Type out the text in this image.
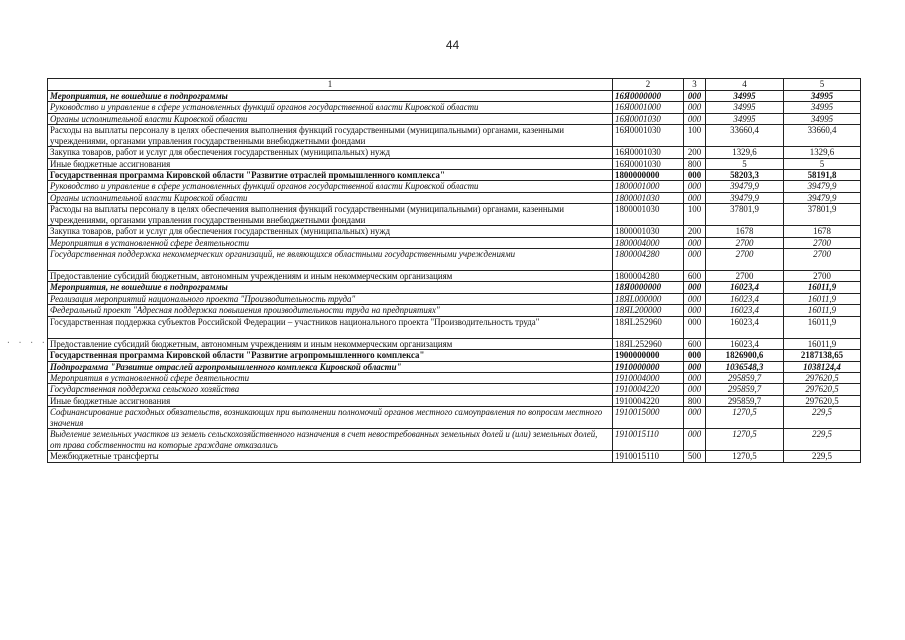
44
. . . . . .
1	2	3	4	5
Мероприятия, не вошедшие в подпрограммы	16Я0000000	000	34995	34995
Руководство и управление в сфере установленных функций органов государственной власти Кировской области	16Я0001000	000	34995	34995
Органы исполнительной власти Кировской области	16Я0001030	000	34995	34995
Расходы на выплаты персоналу в целях обеспечения выполнения функций государственными (муниципальными) органами, казенными учреждениями, органами управления государственными внебюджетными фондами	16Я0001030	100	33660,4	33660,4
Закупка товаров, работ и услуг для обеспечения государственных (муниципальных) нужд	16Я0001030	200	1329,6	1329,6
Иные бюджетные ассигнования	16Я0001030	800	5	5
Государственная программа Кировской области "Развитие отраслей промышленного комплекса"	1800000000	000	58203,3	58191,8
Руководство и управление в сфере установленных функций органов государственной власти Кировской области	1800001000	000	39479,9	39479,9
Органы исполнительной власти Кировской области	1800001030	000	39479,9	39479,9
Расходы на выплаты персоналу в целях обеспечения выполнения функций государственными (муниципальными) органами, казенными учреждениями, органами управления государственными внебюджетными фондами	1800001030	100	37801,9	37801,9
Закупка товаров, работ и услуг для обеспечения государственных (муниципальных) нужд	1800001030	200	1678	1678
Мероприятия в установленной сфере деятельности	1800004000	000	2700	2700
Государственная поддержка некоммерческих организаций, не являющихся областными государственными учреждениями	1800004280	000	2700	2700
Предоставление субсидий бюджетным, автономным учреждениям и иным некоммерческим организациям	1800004280	600	2700	2700
Мероприятия, не вошедшие в подпрограммы	18Я0000000	000	16023,4	16011,9
Реализация мероприятий национального проекта "Производительность труда"	18ЯL000000	000	16023,4	16011,9
Федеральный проект "Адресная поддержка повышения производительности труда на предприятиях"	18ЯL200000	000	16023,4	16011,9
Государственная поддержка субъектов Российской Федерации – участников национального проекта "Производительность труда"	18ЯL252960	000	16023,4	16011,9
Предоставление субсидий бюджетным, автономным учреждениям и иным некоммерческим организациям	18ЯL252960	600	16023,4	16011,9
Государственная программа Кировской области "Развитие агропромышленного комплекса"	1900000000	000	1826900,6	2187138,65
Подпрограмма "Развитие отраслей агропромышленного комплекса Кировской области"	1910000000	000	1036548,3	1038124,4
Мероприятия в установленной сфере деятельности	1910004000	000	295859,7	297620,5
Государственная поддержка сельского хозяйства	1910004220	000	295859,7	297620,5
Иные бюджетные ассигнования	1910004220	800	295859,7	297620,5
Софинансирование расходных обязательств, возникающих при выполнении полномочий органов местного самоуправления по вопросам местного значения	1910015000	000	1270,5	229,5
Выделение земельных участков из земель сельскохозяйственного назначения в счет невостребованных земельных долей и (или) земельных долей, от права собственности на которые граждане отказались	1910015110	000	1270,5	229,5
Межбюджетные трансферты	1910015110	500	1270,5	229,5
